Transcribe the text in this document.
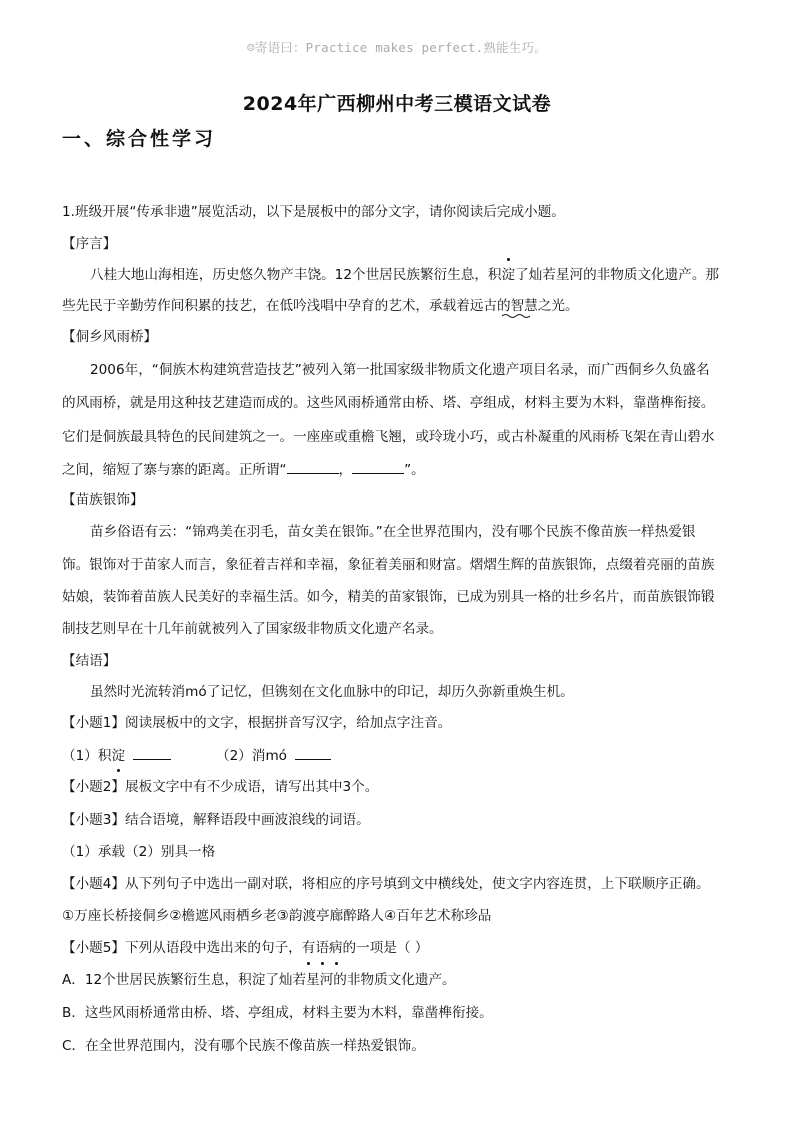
☺寄语曰：Practice makes perfect.熟能生巧。
2024年广西柳州中考三模语文试卷
一、综合性学习
1.班级开展“传承非遗”展览活动，以下是展板中的部分文字，请你阅读后完成小题。
【序言】
八桂大地山海相连，历史悠久物产丰饶。12个世居民族繁衍生息，积淀了灿若星河的非物质文化遗产。那
些先民于辛勤劳作间积累的技艺，在低吟浅唱中孕育的艺术，承载着远古的智慧之光。
【侗乡风雨桥】
2006年，“侗族木构建筑营造技艺”被列入第一批国家级非物质文化遗产项目名录，而广西侗乡久负盛名
的风雨桥，就是用这种技艺建造而成的。这些风雨桥通常由桥、塔、亭组成，材料主要为木料，靠凿榫衔接。
它们是侗族最具特色的民间建筑之一。一座座或重檐飞翘，或玲珑小巧，或古朴凝重的风雨桥飞架在青山碧水
之间，缩短了寨与寨的距离。正所谓“	，	”。
【苗族银饰】
苗乡俗语有云：“锦鸡美在羽毛，苗女美在银饰。”在全世界范围内，没有哪个民族不像苗族一样热爱银
饰。银饰对于苗家人而言，象征着吉祥和幸福，象征着美丽和财富。熠熠生辉的苗族银饰，点缀着亮丽的苗族
姑娘，装饰着苗族人民美好的幸福生活。如今，精美的苗家银饰，已成为别具一格的壮乡名片，而苗族银饰锻
制技艺则早在十几年前就被列入了国家级非物质文化遗产名录。
【结语】
虽然时光流转消mó了记忆，但镌刻在文化血脉中的印记，却历久弥新重焕生机。
【小题1】阅读展板中的文字，根据拼音写汉字，给加点字注音。
（1）积淀	（2）消mó
【小题2】展板文字中有不少成语，请写出其中3个。
【小题3】结合语境，解释语段中画波浪线的词语。
（1）承载（2）别具一格
【小题4】从下列句子中选出一副对联，将相应的序号填到文中横线处，使文字内容连贯，上下联顺序正确。
①万座长桥接侗乡②檐遮风雨栖乡老③韵渡亭廊醉路人④百年艺术称珍品
【小题5】下列从语段中选出来的句子，有语病
的一项是（ ）
A．12个世居民族繁衍生息，积淀了灿若星河的非物质文化遗产。
B．这些风雨桥通常由桥、塔、亭组成，材料主要为木料，靠凿榫衔接。
C．在全世界范围内，没有哪个民族不像苗族一样热爱银饰。
